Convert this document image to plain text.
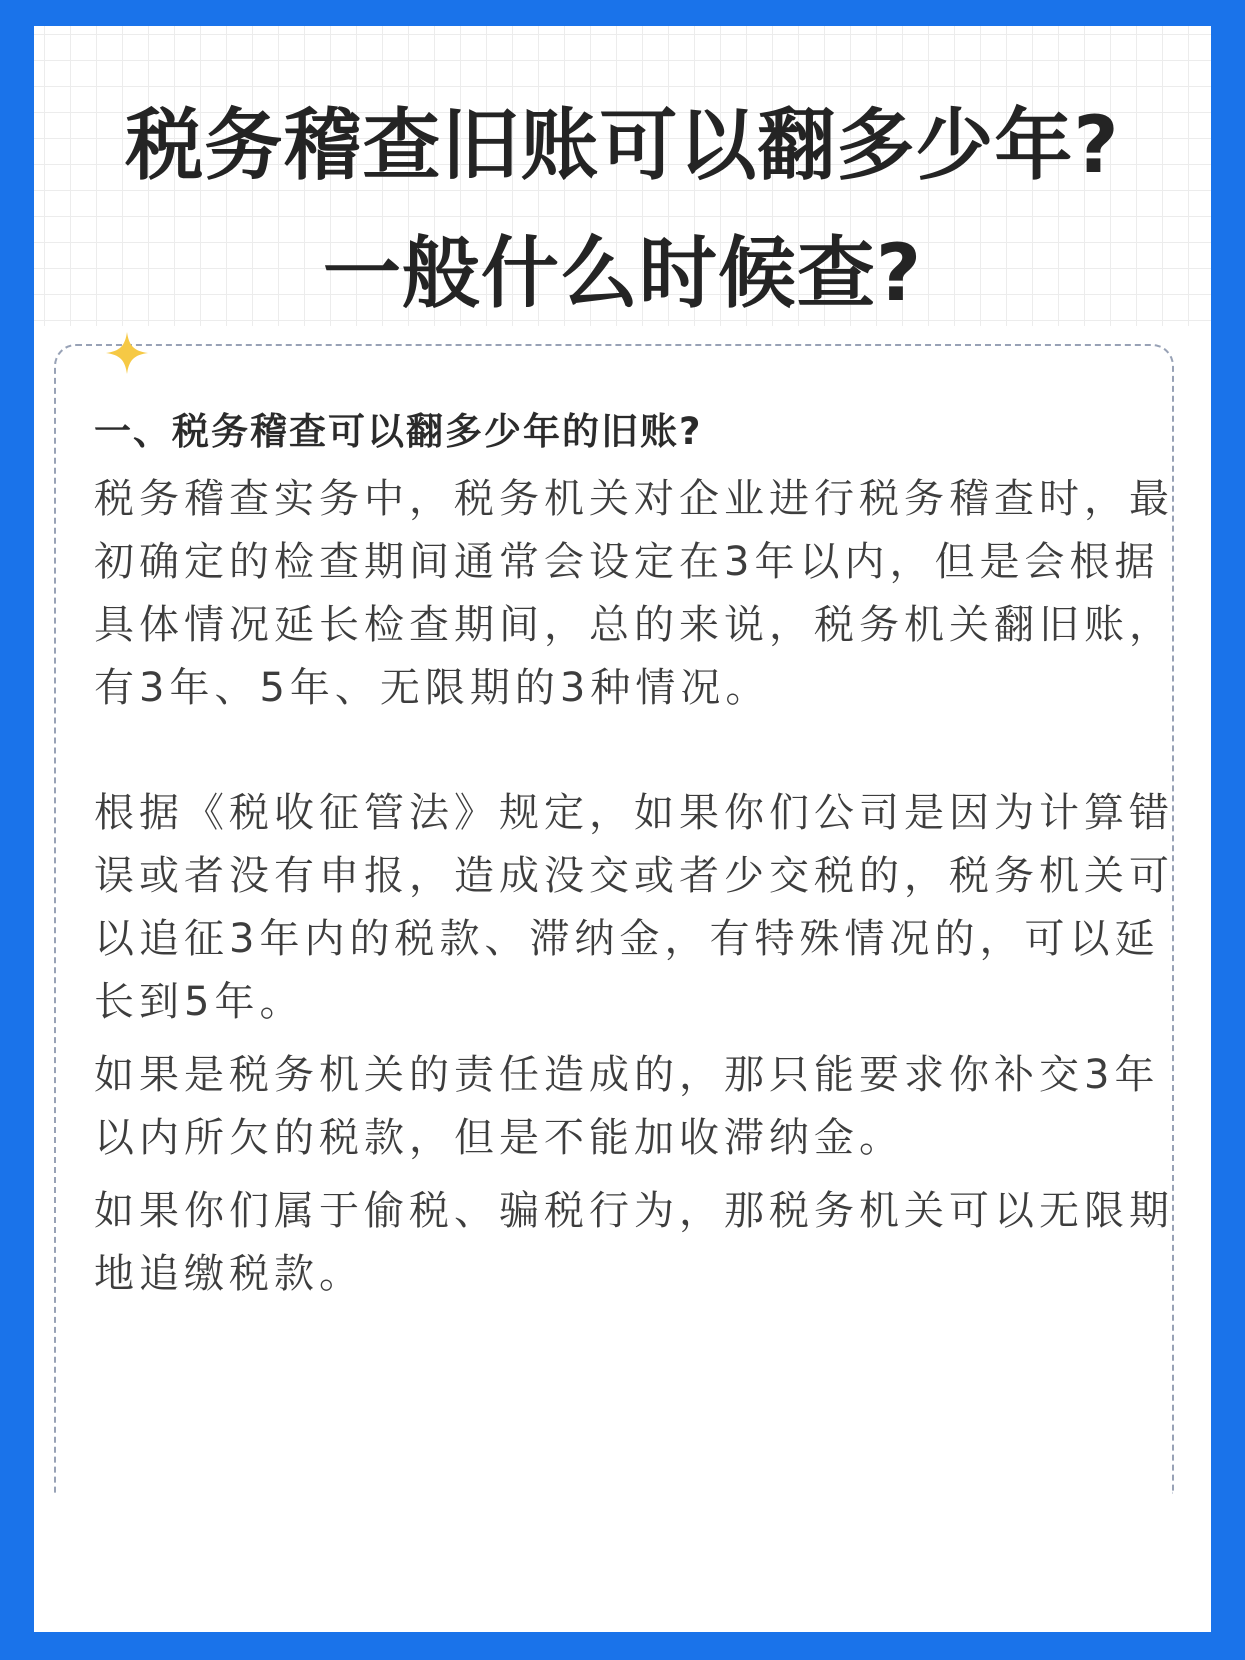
税务稽查旧账可以翻多少年?
一般什么时候查?

一、税务稽查可以翻多少年的旧账?

税务稽查实务中，税务机关对企业进行税务稽查时，最初确定的检查期间通常会设定在3年以内，但是会根据具体情况延长检查期间，总的来说，税务机关翻旧账，有3年、5年、无限期的3种情况。

根据《税收征管法》规定，如果你们公司是因为计算错误或者没有申报，造成没交或者少交税的，税务机关可以追征3年内的税款、滞纳金，有特殊情况的，可以延长到5年。

如果是税务机关的责任造成的，那只能要求你补交3年以内所欠的税款，但是不能加收滞纳金。

如果你们属于偷税、骗税行为，那税务机关可以无限期地追缴税款。
